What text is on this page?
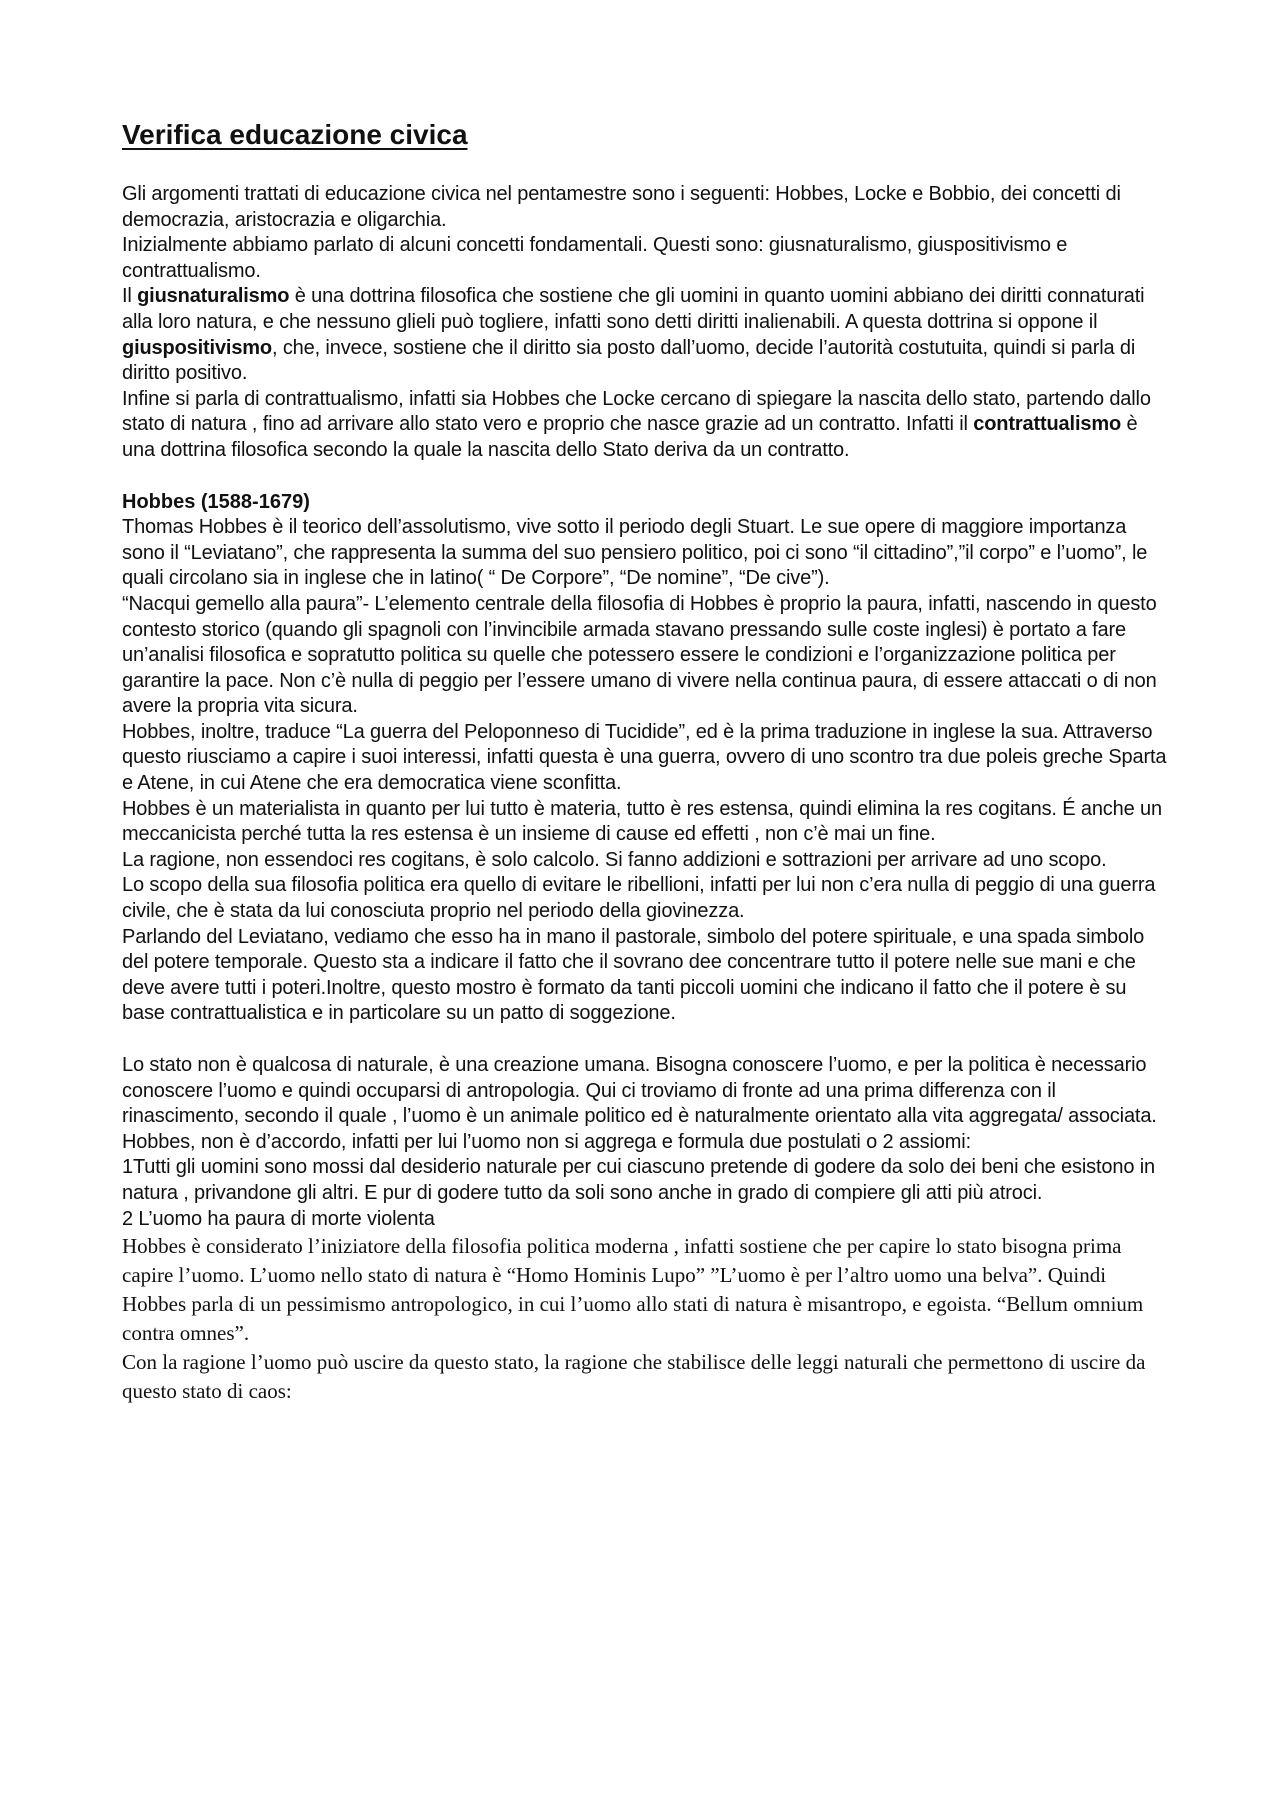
Verifica educazione civica

Gli argomenti trattati di educazione civica nel pentamestre sono i seguenti: Hobbes, Locke e Bobbio, dei concetti di democrazia, aristocrazia e oligarchia.

Inizialmente abbiamo parlato di alcuni concetti fondamentali. Questi sono: giusnaturalismo, giuspositivismo e contrattualismo.

Il giusnaturalismo è una dottrina filosofica che sostiene che gli uomini in quanto uomini abbiano dei diritti connaturati alla loro natura, e che nessuno glieli può togliere, infatti sono detti diritti inalienabili. A questa dottrina si oppone il giuspositivismo, che, invece, sostiene che il diritto sia posto dall’uomo, decide l’autorità costutuita, quindi si parla di diritto positivo.

Infine si parla di contrattualismo, infatti sia Hobbes che Locke cercano di spiegare la nascita dello stato, partendo dallo stato di natura , fino ad arrivare allo stato vero e proprio che nasce grazie ad un contratto. Infatti il contrattualismo è una dottrina filosofica secondo la quale la nascita dello Stato deriva da un contratto.

Hobbes (1588-1679)

Thomas Hobbes è il teorico dell’assolutismo, vive sotto il periodo degli Stuart. Le sue opere di maggiore importanza sono il “Leviatano”, che rappresenta la summa del suo pensiero politico, poi ci sono “il cittadino”,”il corpo” e l’uomo”, le quali circolano sia in inglese che in latino( “ De Corpore”, “De nomine”, “De cive”).

“Nacqui gemello alla paura”- L’elemento centrale della filosofia di Hobbes è proprio la paura, infatti, nascendo in questo contesto storico (quando gli spagnoli con l’invincibile armada stavano pressando sulle coste inglesi) è portato a fare un’analisi filosofica e sopratutto politica su quelle che potessero essere le condizioni e l’organizzazione politica per garantire la pace. Non c’è nulla di peggio per l’essere umano di vivere nella continua paura, di essere attaccati o di non avere la propria vita sicura.

Hobbes, inoltre, traduce “La guerra del Peloponneso di Tucidide”, ed è la prima traduzione in inglese la sua. Attraverso questo riusciamo a capire i suoi interessi, infatti questa è una guerra, ovvero di uno scontro tra due poleis greche Sparta e Atene, in cui Atene che era democratica viene sconfitta.

Hobbes è un materialista in quanto per lui tutto è materia, tutto è res estensa, quindi elimina la res cogitans. É anche un meccanicista perché tutta la res estensa è un insieme di cause ed effetti , non c’è mai un fine.

La ragione, non essendoci res cogitans, è solo calcolo. Si fanno addizioni e sottrazioni per arrivare ad uno scopo.

Lo scopo della sua filosofia politica era quello di evitare le ribellioni, infatti per lui non c’era nulla di peggio di una guerra civile, che è stata da lui conosciuta proprio nel periodo della giovinezza.

Parlando del Leviatano, vediamo che esso ha in mano il pastorale, simbolo del potere spirituale, e una spada simbolo del potere temporale. Questo sta a indicare il fatto che il sovrano dee concentrare tutto il potere nelle sue mani e che deve avere tutti i poteri.Inoltre, questo mostro è formato da tanti piccoli uomini che indicano il fatto che il potere è su base contrattualistica e in particolare su un patto di soggezione.

Lo stato non è qualcosa di naturale, è una creazione umana. Bisogna conoscere l’uomo, e per la politica è necessario conoscere l’uomo e quindi occuparsi di antropologia. Qui ci troviamo di fronte ad una prima differenza con il rinascimento, secondo il quale , l’uomo è un animale politico ed è naturalmente orientato alla vita aggregata/ associata. Hobbes, non è d’accordo, infatti per lui l’uomo non si aggrega e formula due postulati o 2 assiomi:

1Tutti gli uomini sono mossi dal desiderio naturale per cui ciascuno pretende di godere da solo dei beni che esistono in natura , privandone gli altri. E pur di godere tutto da soli sono anche in grado di compiere gli atti più atroci.

2 L’uomo ha paura di morte violenta

Hobbes è considerato l’iniziatore della filosofia politica moderna , infatti sostiene che per capire lo stato bisogna prima capire l’uomo. L’uomo nello stato di natura è “Homo Hominis Lupo” ”L’uomo è per l’altro uomo una belva”. Quindi Hobbes parla di un pessimismo antropologico, in cui l’uomo allo stati di natura è misantropo, e egoista. “Bellum omnium contra omnes”.

Con la ragione l’uomo può uscire da questo stato, la ragione che stabilisce delle leggi naturali che permettono di uscire da questo stato di caos:
